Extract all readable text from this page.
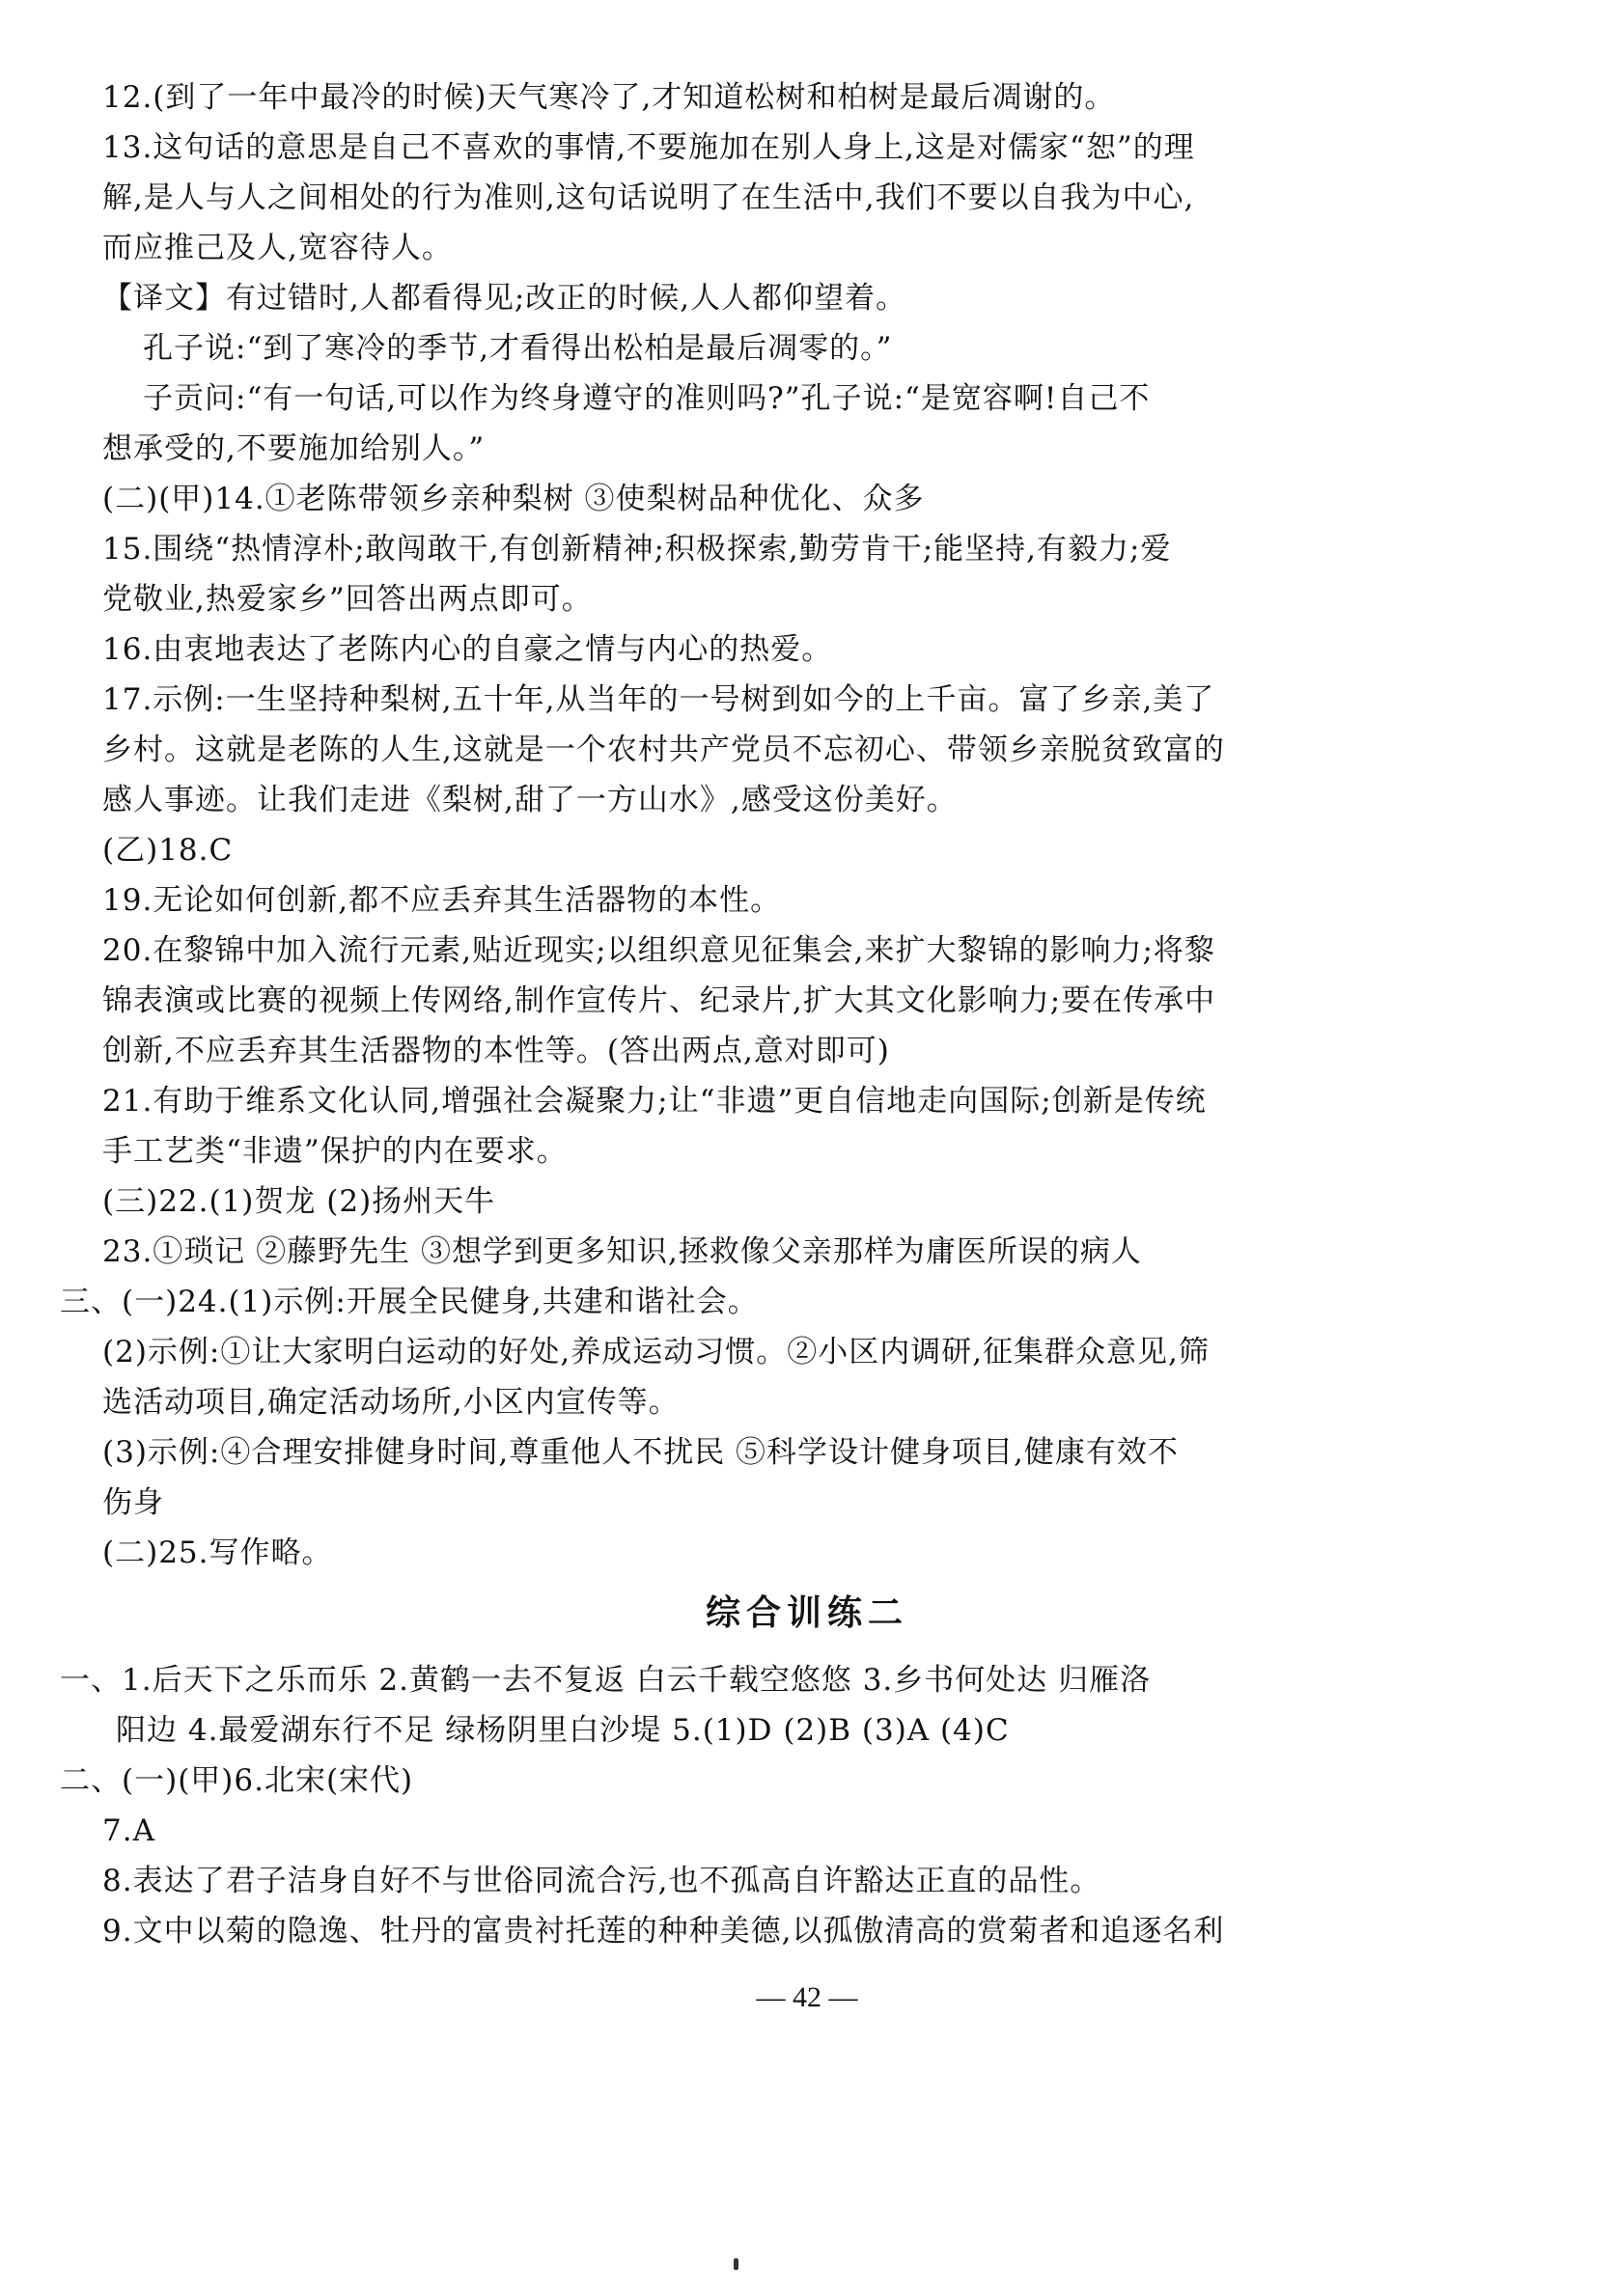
12.(到了一年中最冷的时候)天气寒冷了,才知道松树和柏树是最后凋谢的。
13.这句话的意思是自己不喜欢的事情,不要施加在别人身上,这是对儒家“恕”的理
解,是人与人之间相处的行为准则,这句话说明了在生活中,我们不要以自我为中心,
而应推己及人,宽容待人。
【译文】有过错时,人都看得见;改正的时候,人人都仰望着。
孔子说:“到了寒冷的季节,才看得出松柏是最后凋零的。”
子贡问:“有一句话,可以作为终身遵守的准则吗?”孔子说:“是宽容啊!自己不
想承受的,不要施加给别人。”
(二)(甲)14.①老陈带领乡亲种梨树 ③使梨树品种优化、众多
15.围绕“热情淳朴;敢闯敢干,有创新精神;积极探索,勤劳肯干;能坚持,有毅力;爱
党敬业,热爱家乡”回答出两点即可。
16.由衷地表达了老陈内心的自豪之情与内心的热爱。
17.示例:一生坚持种梨树,五十年,从当年的一号树到如今的上千亩。富了乡亲,美了
乡村。这就是老陈的人生,这就是一个农村共产党员不忘初心、带领乡亲脱贫致富的
感人事迹。让我们走进《梨树,甜了一方山水》,感受这份美好。
(乙)18.C
19.无论如何创新,都不应丢弃其生活器物的本性。
20.在黎锦中加入流行元素,贴近现实;以组织意见征集会,来扩大黎锦的影响力;将黎
锦表演或比赛的视频上传网络,制作宣传片、纪录片,扩大其文化影响力;要在传承中
创新,不应丢弃其生活器物的本性等。(答出两点,意对即可)
21.有助于维系文化认同,增强社会凝聚力;让“非遗”更自信地走向国际;创新是传统
手工艺类“非遗”保护的内在要求。
(三)22.(1)贺龙 (2)扬州天牛
23.①琐记 ②藤野先生 ③想学到更多知识,拯救像父亲那样为庸医所误的病人
三、(一)24.(1)示例:开展全民健身,共建和谐社会。
(2)示例:①让大家明白运动的好处,养成运动习惯。②小区内调研,征集群众意见,筛
选活动项目,确定活动场所,小区内宣传等。
(3)示例:④合理安排健身时间,尊重他人不扰民 ⑤科学设计健身项目,健康有效不
伤身
(二)25.写作略。
综合训练二
一、1.后天下之乐而乐 2.黄鹤一去不复返 白云千载空悠悠 3.乡书何处达 归雁洛
阳边 4.最爱湖东行不足 绿杨阴里白沙堤 5.(1)D (2)B (3)A (4)C
二、(一)(甲)6.北宋(宋代)
7.A
8.表达了君子洁身自好不与世俗同流合污,也不孤高自许豁达正直的品性。
9.文中以菊的隐逸、牡丹的富贵衬托莲的种种美德,以孤傲清高的赏菊者和追逐名利
— 42 —
